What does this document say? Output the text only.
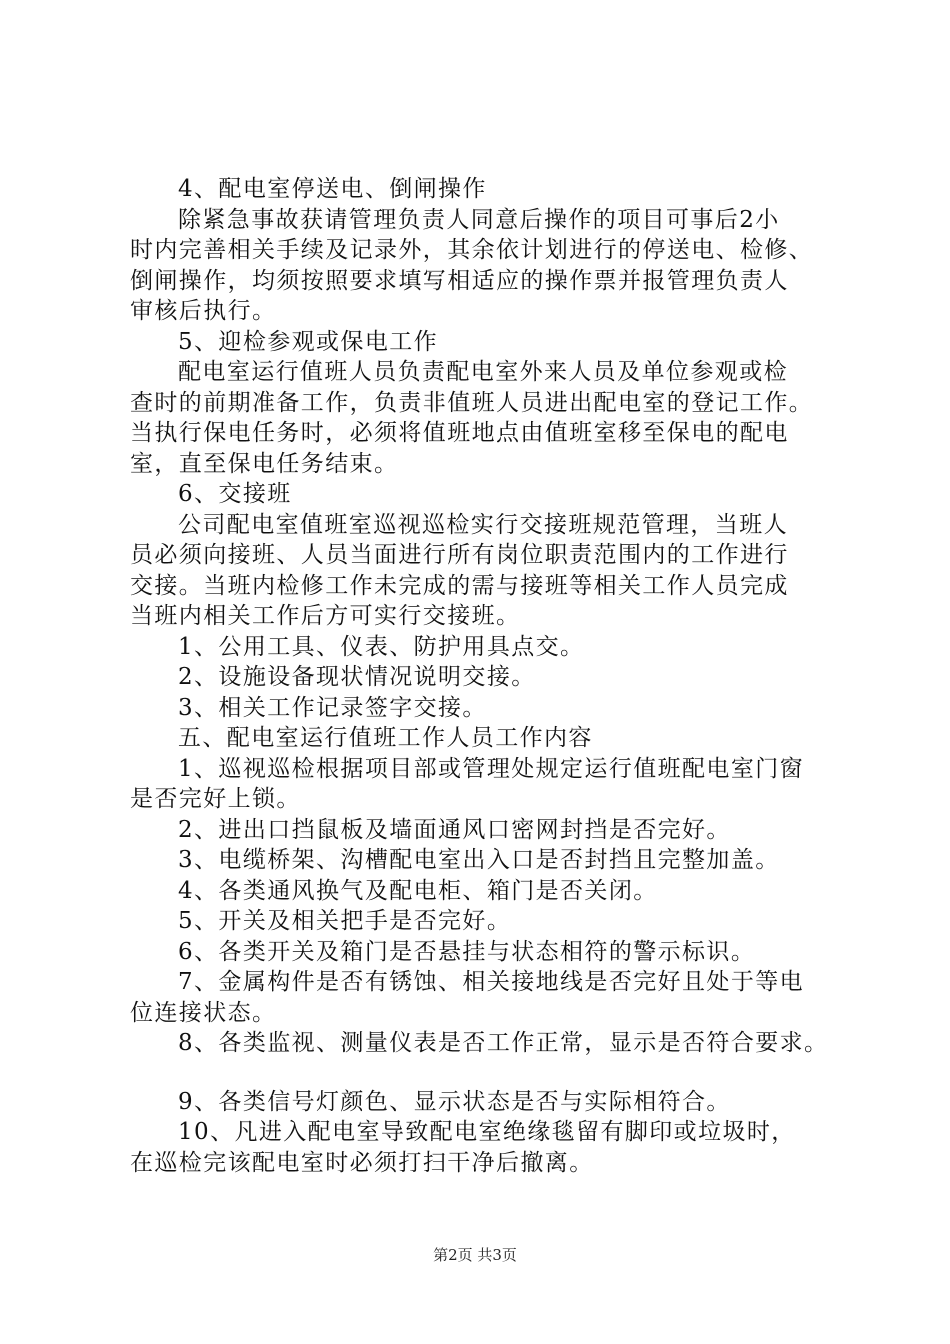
4、配电室停送电、倒闸操作
除紧急事故获请管理负责人同意后操作的项目可事后2小
时内完善相关手续及记录外，其余依计划进行的停送电、检修、
倒闸操作，均须按照要求填写相适应的操作票并报管理负责人
审核后执行。
5、迎检参观或保电工作
配电室运行值班人员负责配电室外来人员及单位参观或检
查时的前期准备工作，负责非值班人员进出配电室的登记工作。
当执行保电任务时，必须将值班地点由值班室移至保电的配电
室，直至保电任务结束。
6、交接班
公司配电室值班室巡视巡检实行交接班规范管理，当班人
员必须向接班、人员当面进行所有岗位职责范围内的工作进行
交接。当班内检修工作未完成的需与接班等相关工作人员完成
当班内相关工作后方可实行交接班。
1、公用工具、仪表、防护用具点交。
2、设施设备现状情况说明交接。
3、相关工作记录签字交接。
五、配电室运行值班工作人员工作内容
1、巡视巡检根据项目部或管理处规定运行值班配电室门窗
是否完好上锁。
2、进出口挡鼠板及墙面通风口密网封挡是否完好。
3、电缆桥架、沟槽配电室出入口是否封挡且完整加盖。
4、各类通风换气及配电柜、箱门是否关闭。
5、开关及相关把手是否完好。
6、各类开关及箱门是否悬挂与状态相符的警示标识。
7、金属构件是否有锈蚀、相关接地线是否完好且处于等电
位连接状态。
8、各类监视、测量仪表是否工作正常，显示是否符合要求。
9、各类信号灯颜色、显示状态是否与实际相符合。
10、凡进入配电室导致配电室绝缘毯留有脚印或垃圾时，
在巡检完该配电室时必须打扫干净后撤离。
第2页 共3页
